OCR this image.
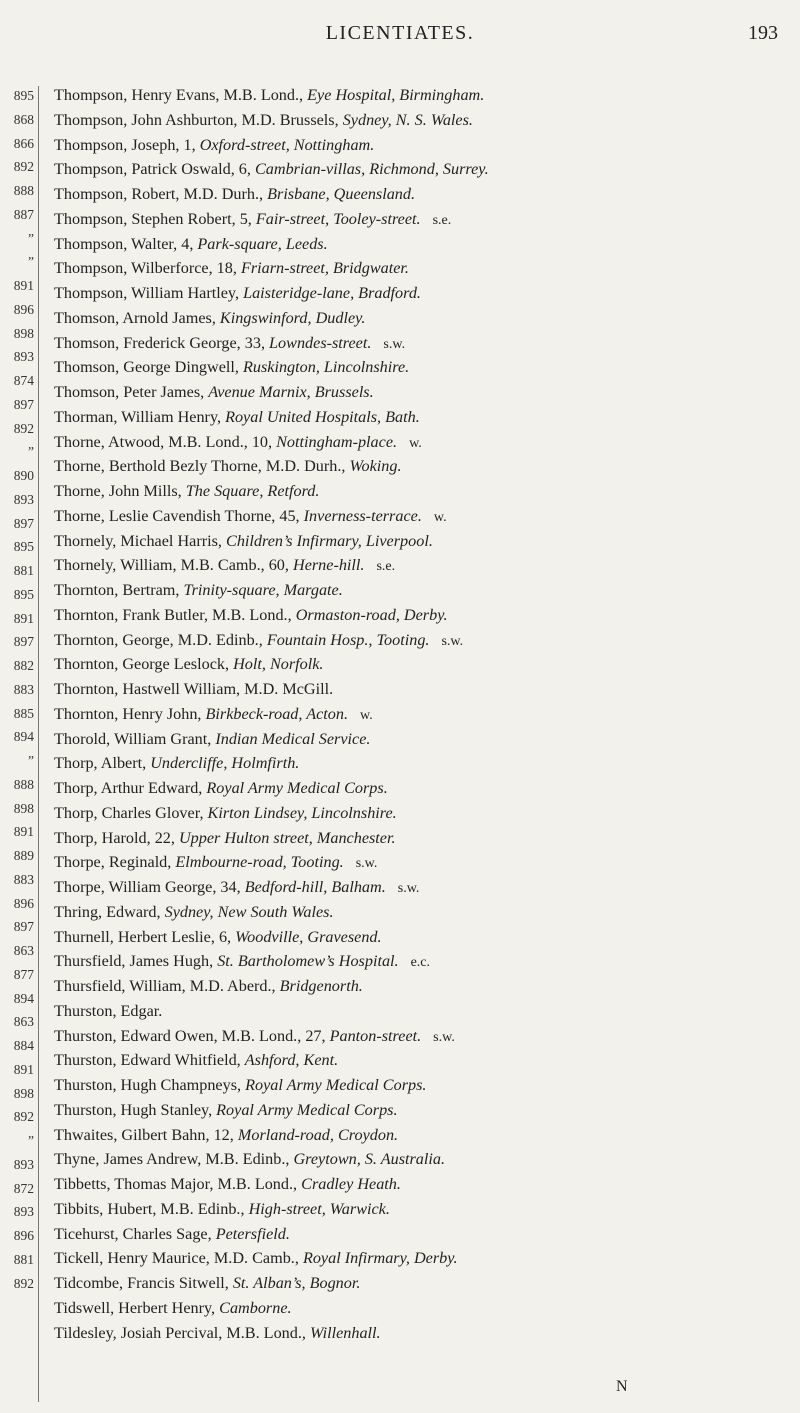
LICENTIATES.	193
895
868
866
892
888
887
”
”
891
896
898
893
874
897
892
”
890
893
897
895
881
895
891
897
882
883
885
894
”
888
898
891
889
883
896
897
863
877
894
863
884
891
898
892
”
893
872
893
896
881
892
Thompson, Henry Evans, M.B. Lond., Eye Hospital, Birmingham.
Thompson, John Ashburton, M.D. Brussels, Sydney, N. S. Wales.
Thompson, Joseph, 1, Oxford-street, Nottingham.
Thompson, Patrick Oswald, 6, Cambrian-villas, Richmond, Surrey.
Thompson, Robert, M.D. Durh., Brisbane, Queensland.
Thompson, Stephen Robert, 5, Fair-street, Tooley-street. s.e.
Thompson, Walter, 4, Park-square, Leeds.
Thompson, Wilberforce, 18, Friarn-street, Bridgwater.
Thompson, William Hartley, Laisteridge-lane, Bradford.
Thomson, Arnold James, Kingswinford, Dudley.
Thomson, Frederick George, 33, Lowndes-street. s.w.
Thomson, George Dingwell, Ruskington, Lincolnshire.
Thomson, Peter James, Avenue Marnix, Brussels.
Thorman, William Henry, Royal United Hospitals, Bath.
Thorne, Atwood, M.B. Lond., 10, Nottingham-place. w.
Thorne, Berthold Bezly Thorne, M.D. Durh., Woking.
Thorne, John Mills, The Square, Retford.
Thorne, Leslie Cavendish Thorne, 45, Inverness-terrace. w.
Thornely, Michael Harris, Children’s Infirmary, Liverpool.
Thornely, William, M.B. Camb., 60, Herne-hill. s.e.
Thornton, Bertram, Trinity-square, Margate.
Thornton, Frank Butler, M.B. Lond., Ormaston-road, Derby.
Thornton, George, M.D. Edinb., Fountain Hosp., Tooting. s.w.
Thornton, George Leslock, Holt, Norfolk.
Thornton, Hastwell William, M.D. McGill.
Thornton, Henry John, Birkbeck-road, Acton. w.
Thorold, William Grant, Indian Medical Service.
Thorp, Albert, Undercliffe, Holmfirth.
Thorp, Arthur Edward, Royal Army Medical Corps.
Thorp, Charles Glover, Kirton Lindsey, Lincolnshire.
Thorp, Harold, 22, Upper Hulton street, Manchester.
Thorpe, Reginald, Elmbourne-road, Tooting. s.w.
Thorpe, William George, 34, Bedford-hill, Balham. s.w.
Thring, Edward, Sydney, New South Wales.
Thurnell, Herbert Leslie, 6, Woodville, Gravesend.
Thursfield, James Hugh, St. Bartholomew’s Hospital. e.c.
Thursfield, William, M.D. Aberd., Bridgenorth.
Thurston, Edgar.
Thurston, Edward Owen, M.B. Lond., 27, Panton-street. s.w.
Thurston, Edward Whitfield, Ashford, Kent.
Thurston, Hugh Champneys, Royal Army Medical Corps.
Thurston, Hugh Stanley, Royal Army Medical Corps.
Thwaites, Gilbert Bahn, 12, Morland-road, Croydon.
Thyne, James Andrew, M.B. Edinb., Greytown, S. Australia.
Tibbetts, Thomas Major, M.B. Lond., Cradley Heath.
Tibbits, Hubert, M.B. Edinb., High-street, Warwick.
Ticehurst, Charles Sage, Petersfield.
Tickell, Henry Maurice, M.D. Camb., Royal Infirmary, Derby.
Tidcombe, Francis Sitwell, St. Alban’s, Bognor.
Tidswell, Herbert Henry, Camborne.
Tildesley, Josiah Percival, M.B. Lond., Willenhall.
N
